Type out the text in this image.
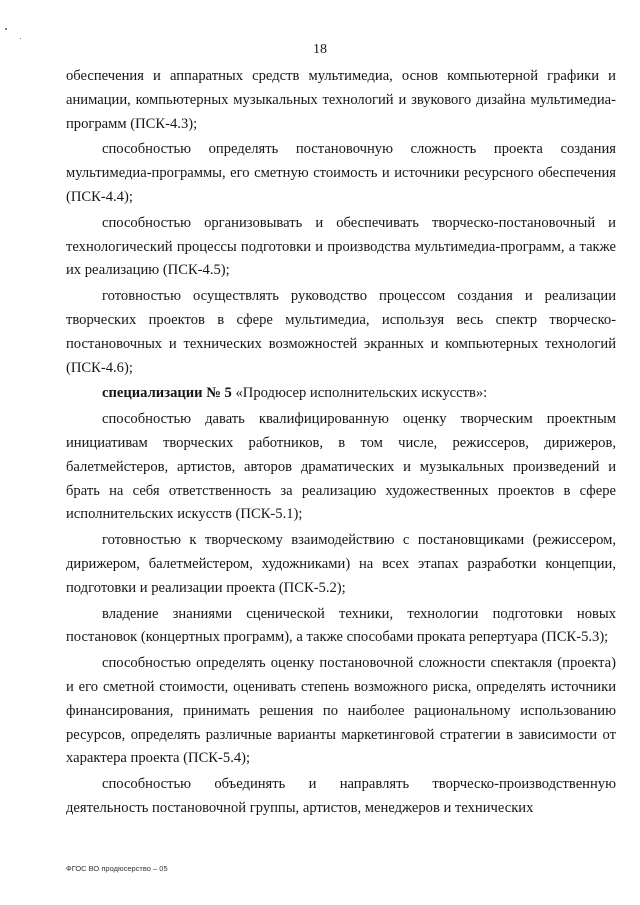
18

обеспечения и аппаратных средств мультимедиа, основ компьютерной графики и анимации, компьютерных музыкальных технологий и звукового дизайна мультимедиа-программ (ПСК-4.3);

способностью определять постановочную сложность проекта создания мультимедиа-программы, его сметную стоимость и источники ресурсного обеспечения (ПСК-4.4);

способностью организовывать и обеспечивать творческо-постановочный и технологический процессы подготовки и производства мультимедиа-программ, а также их реализацию (ПСК-4.5);

готовностью осуществлять руководство процессом создания и реализации творческих проектов в сфере мультимедиа, используя весь спектр творческо-постановочных и технических возможностей экранных и компьютерных технологий (ПСК-4.6);

специализации № 5 «Продюсер исполнительских искусств»:

способностью давать квалифицированную оценку творческим проектным инициативам творческих работников, в том числе, режиссеров, дирижеров, балетмейстеров, артистов, авторов драматических и музыкальных произведений и брать на себя ответственность за реализацию художественных проектов в сфере исполнительских искусств (ПСК-5.1);

готовностью к творческому взаимодействию с постановщиками (режиссером, дирижером, балетмейстером, художниками) на всех этапах разработки концепции, подготовки и реализации проекта (ПСК-5.2);

владение знаниями сценической техники, технологии подготовки новых постановок (концертных программ), а также способами проката репертуара (ПСК-5.3);

способностью определять оценку постановочной сложности спектакля (проекта) и его сметной стоимости, оценивать степень возможного риска, определять источники финансирования, принимать решения по наиболее рациональному использованию ресурсов, определять различные варианты маркетинговой стратегии в зависимости от характера проекта (ПСК-5.4);

способностью объединять и направлять творческо-производственную деятельность постановочной группы, артистов, менеджеров и технических

ФГОС ВО продюсерство – 05
